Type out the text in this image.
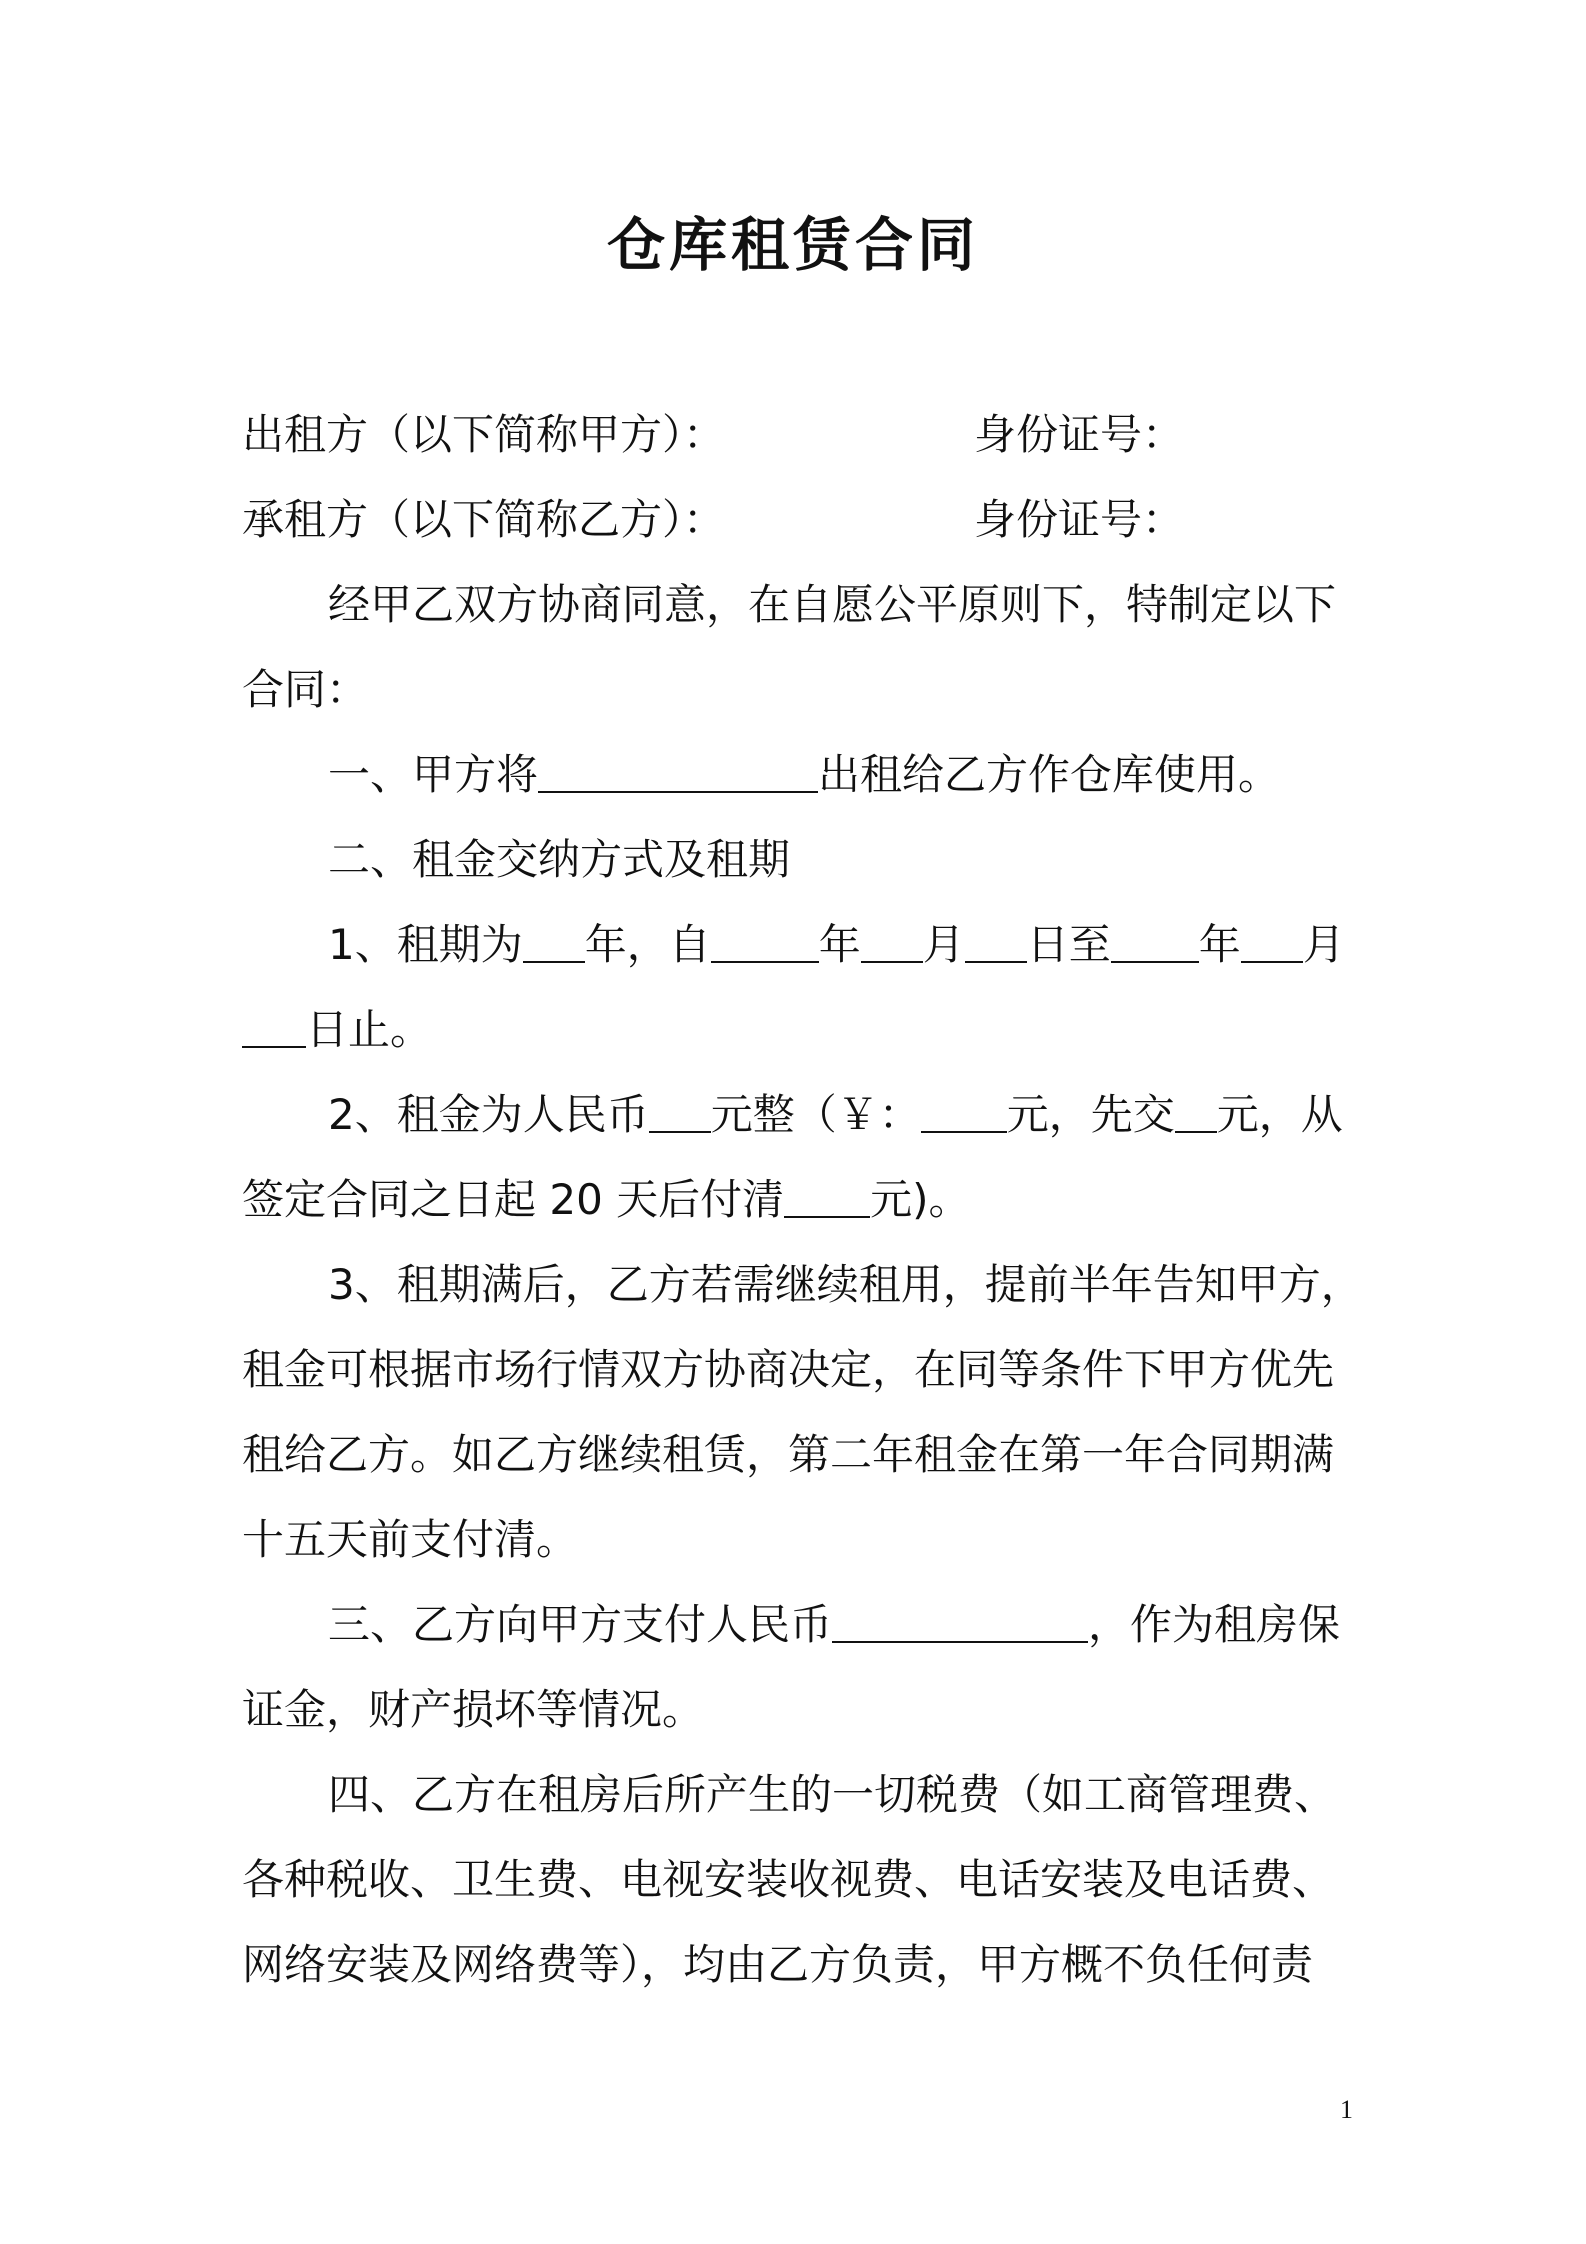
仓库租赁合同
出租方（以下简称甲方）：	身份证号：
承租方（以下简称乙方）：	身份证号：
经甲乙双方协商同意，在自愿公平原则下，特制定以下
合同：
一、甲方将	出租给乙方作仓库使用。
二、租金交纳方式及租期
1、租期为 年，自	年 月 日至 年 月
日止。
2、租金为人民币 元整（￥： 元，先交 元，从
签定合同之日起 20 天后付清 元)。
3、租期满后，乙方若需继续租用，提前半年告知甲方，
租金可根据市场行情双方协商决定，在同等条件下甲方优先
租给乙方。如乙方继续租赁，第二年租金在第一年合同期满
十五天前支付清。
三、乙方向甲方支付人民币	，作为租房保
证金，财产损坏等情况。
四、乙方在租房后所产生的一切税费（如工商管理费、
各种税收、卫生费、电视安装收视费、电话安装及电话费、
网络安装及网络费等），均由乙方负责，甲方概不负任何责
1
